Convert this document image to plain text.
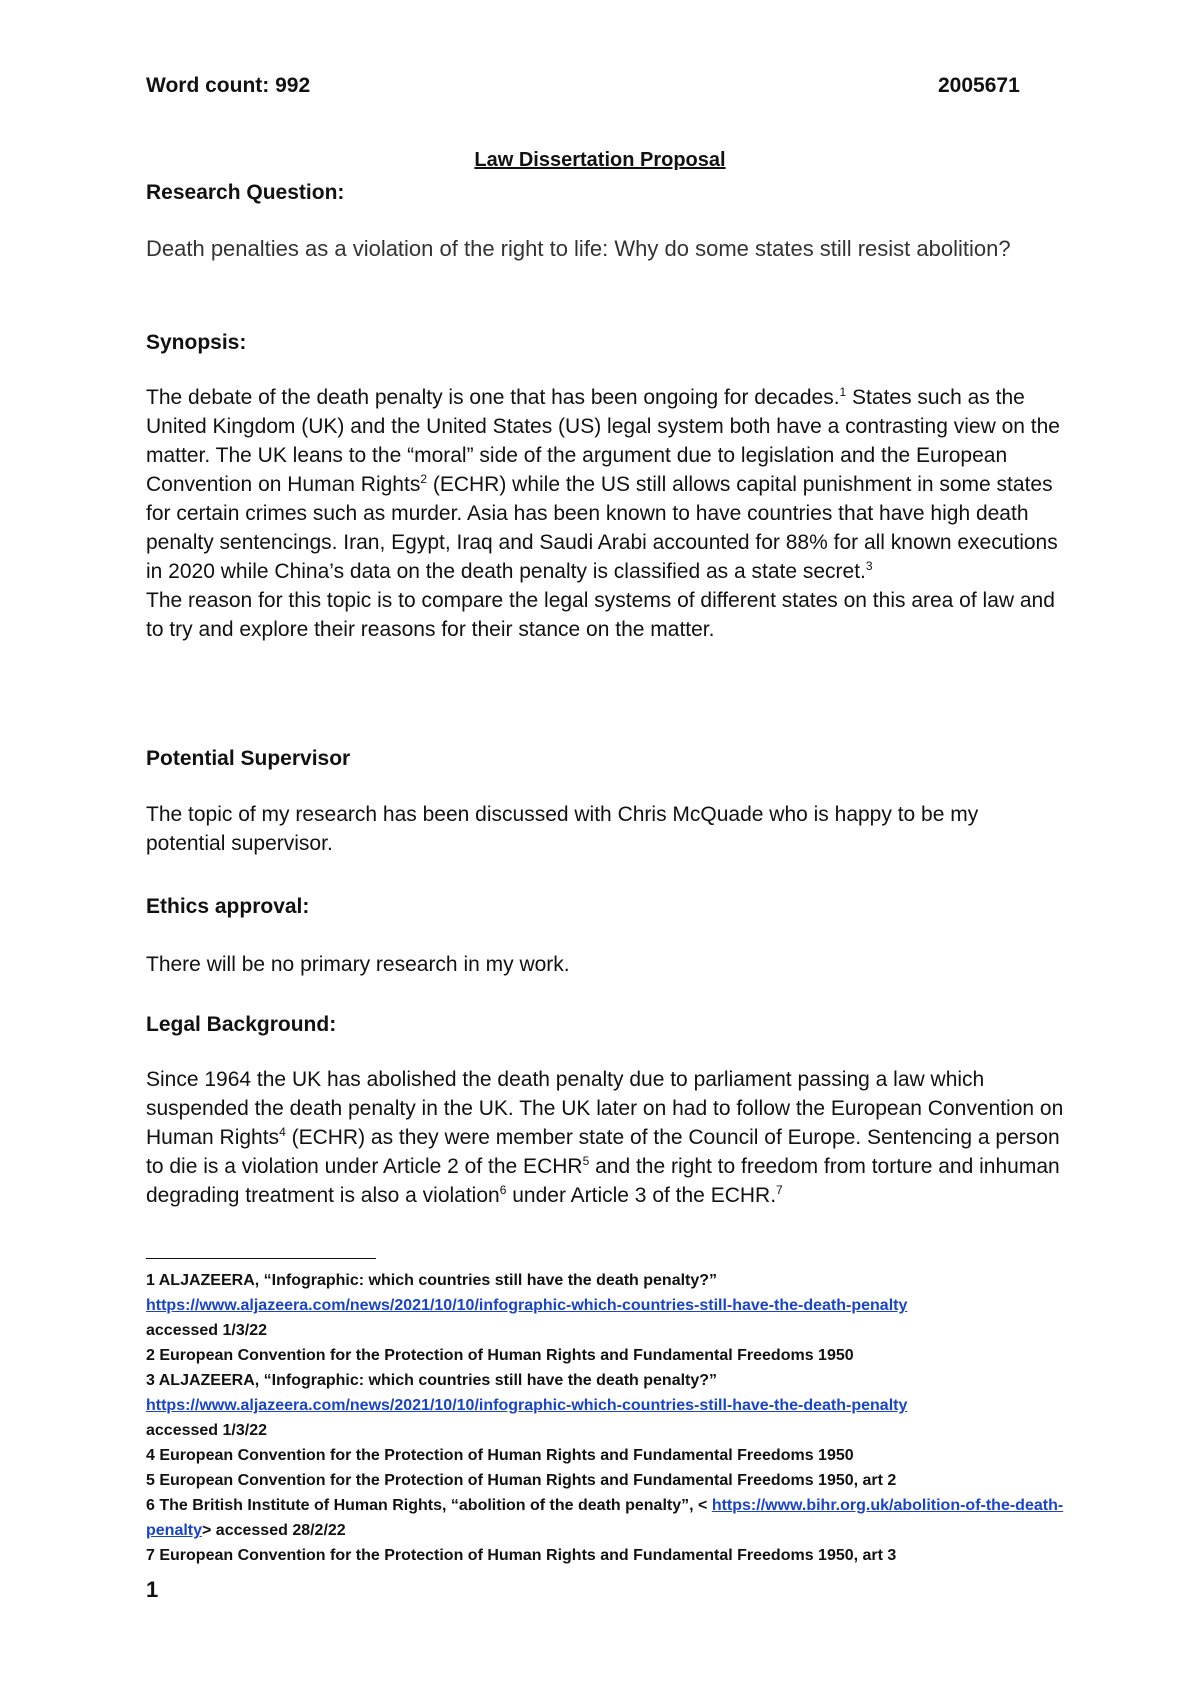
Word count: 992	2005671
Law Dissertation Proposal
Research Question:

Death penalties as a violation of the right to life: Why do some states still resist abolition?

Synopsis:

The debate of the death penalty is one that has been ongoing for decades.$^1$ States such as the United Kingdom (UK) and the United States (US) legal system both have a contrasting view on the matter. The UK leans to the “moral” side of the argument due to legislation and the European Convention on Human Rights$^2$ (ECHR) while the US still allows capital punishment in some states for certain crimes such as murder. Asia has been known to have countries that have high death penalty sentencings. Iran, Egypt, Iraq and Saudi Arabi accounted for 88% for all known executions in 2020 while China’s data on the death penalty is classified as a state secret.$^3$

The reason for this topic is to compare the legal systems of different states on this area of law and to try and explore their reasons for their stance on the matter.

Potential Supervisor

The topic of my research has been discussed with Chris McQuade who is happy to be my potential supervisor.

Ethics approval:

There will be no primary research in my work.

Legal Background:

Since 1964 the UK has abolished the death penalty due to parliament passing a law which suspended the death penalty in the UK. The UK later on had to follow the European Convention on Human Rights$^4$ (ECHR) as they were member state of the Council of Europe. Sentencing a person to die is a violation under Article 2 of the ECHR$^5$ and the right to freedom from torture and inhuman degrading treatment is also a violation$^6$ under Article 3 of the ECHR.$^7$

1 ALJAZEERA, “Infographic: which countries still have the death penalty?”
https://www.aljazeera.com/news/2021/10/10/infographic-which-countries-still-have-the-death-penalty
accessed 1/3/22
2 European Convention for the Protection of Human Rights and Fundamental Freedoms 1950
3 ALJAZEERA, “Infographic: which countries still have the death penalty?”
https://www.aljazeera.com/news/2021/10/10/infographic-which-countries-still-have-the-death-penalty
accessed 1/3/22
4 European Convention for the Protection of Human Rights and Fundamental Freedoms 1950
5 European Convention for the Protection of Human Rights and Fundamental Freedoms 1950, art 2
6 The British Institute of Human Rights, “abolition of the death penalty”, < https://www.bihr.org.uk/abolition-of-the-death-penalty> accessed 28/2/22
7 European Convention for the Protection of Human Rights and Fundamental Freedoms 1950, art 3
1
